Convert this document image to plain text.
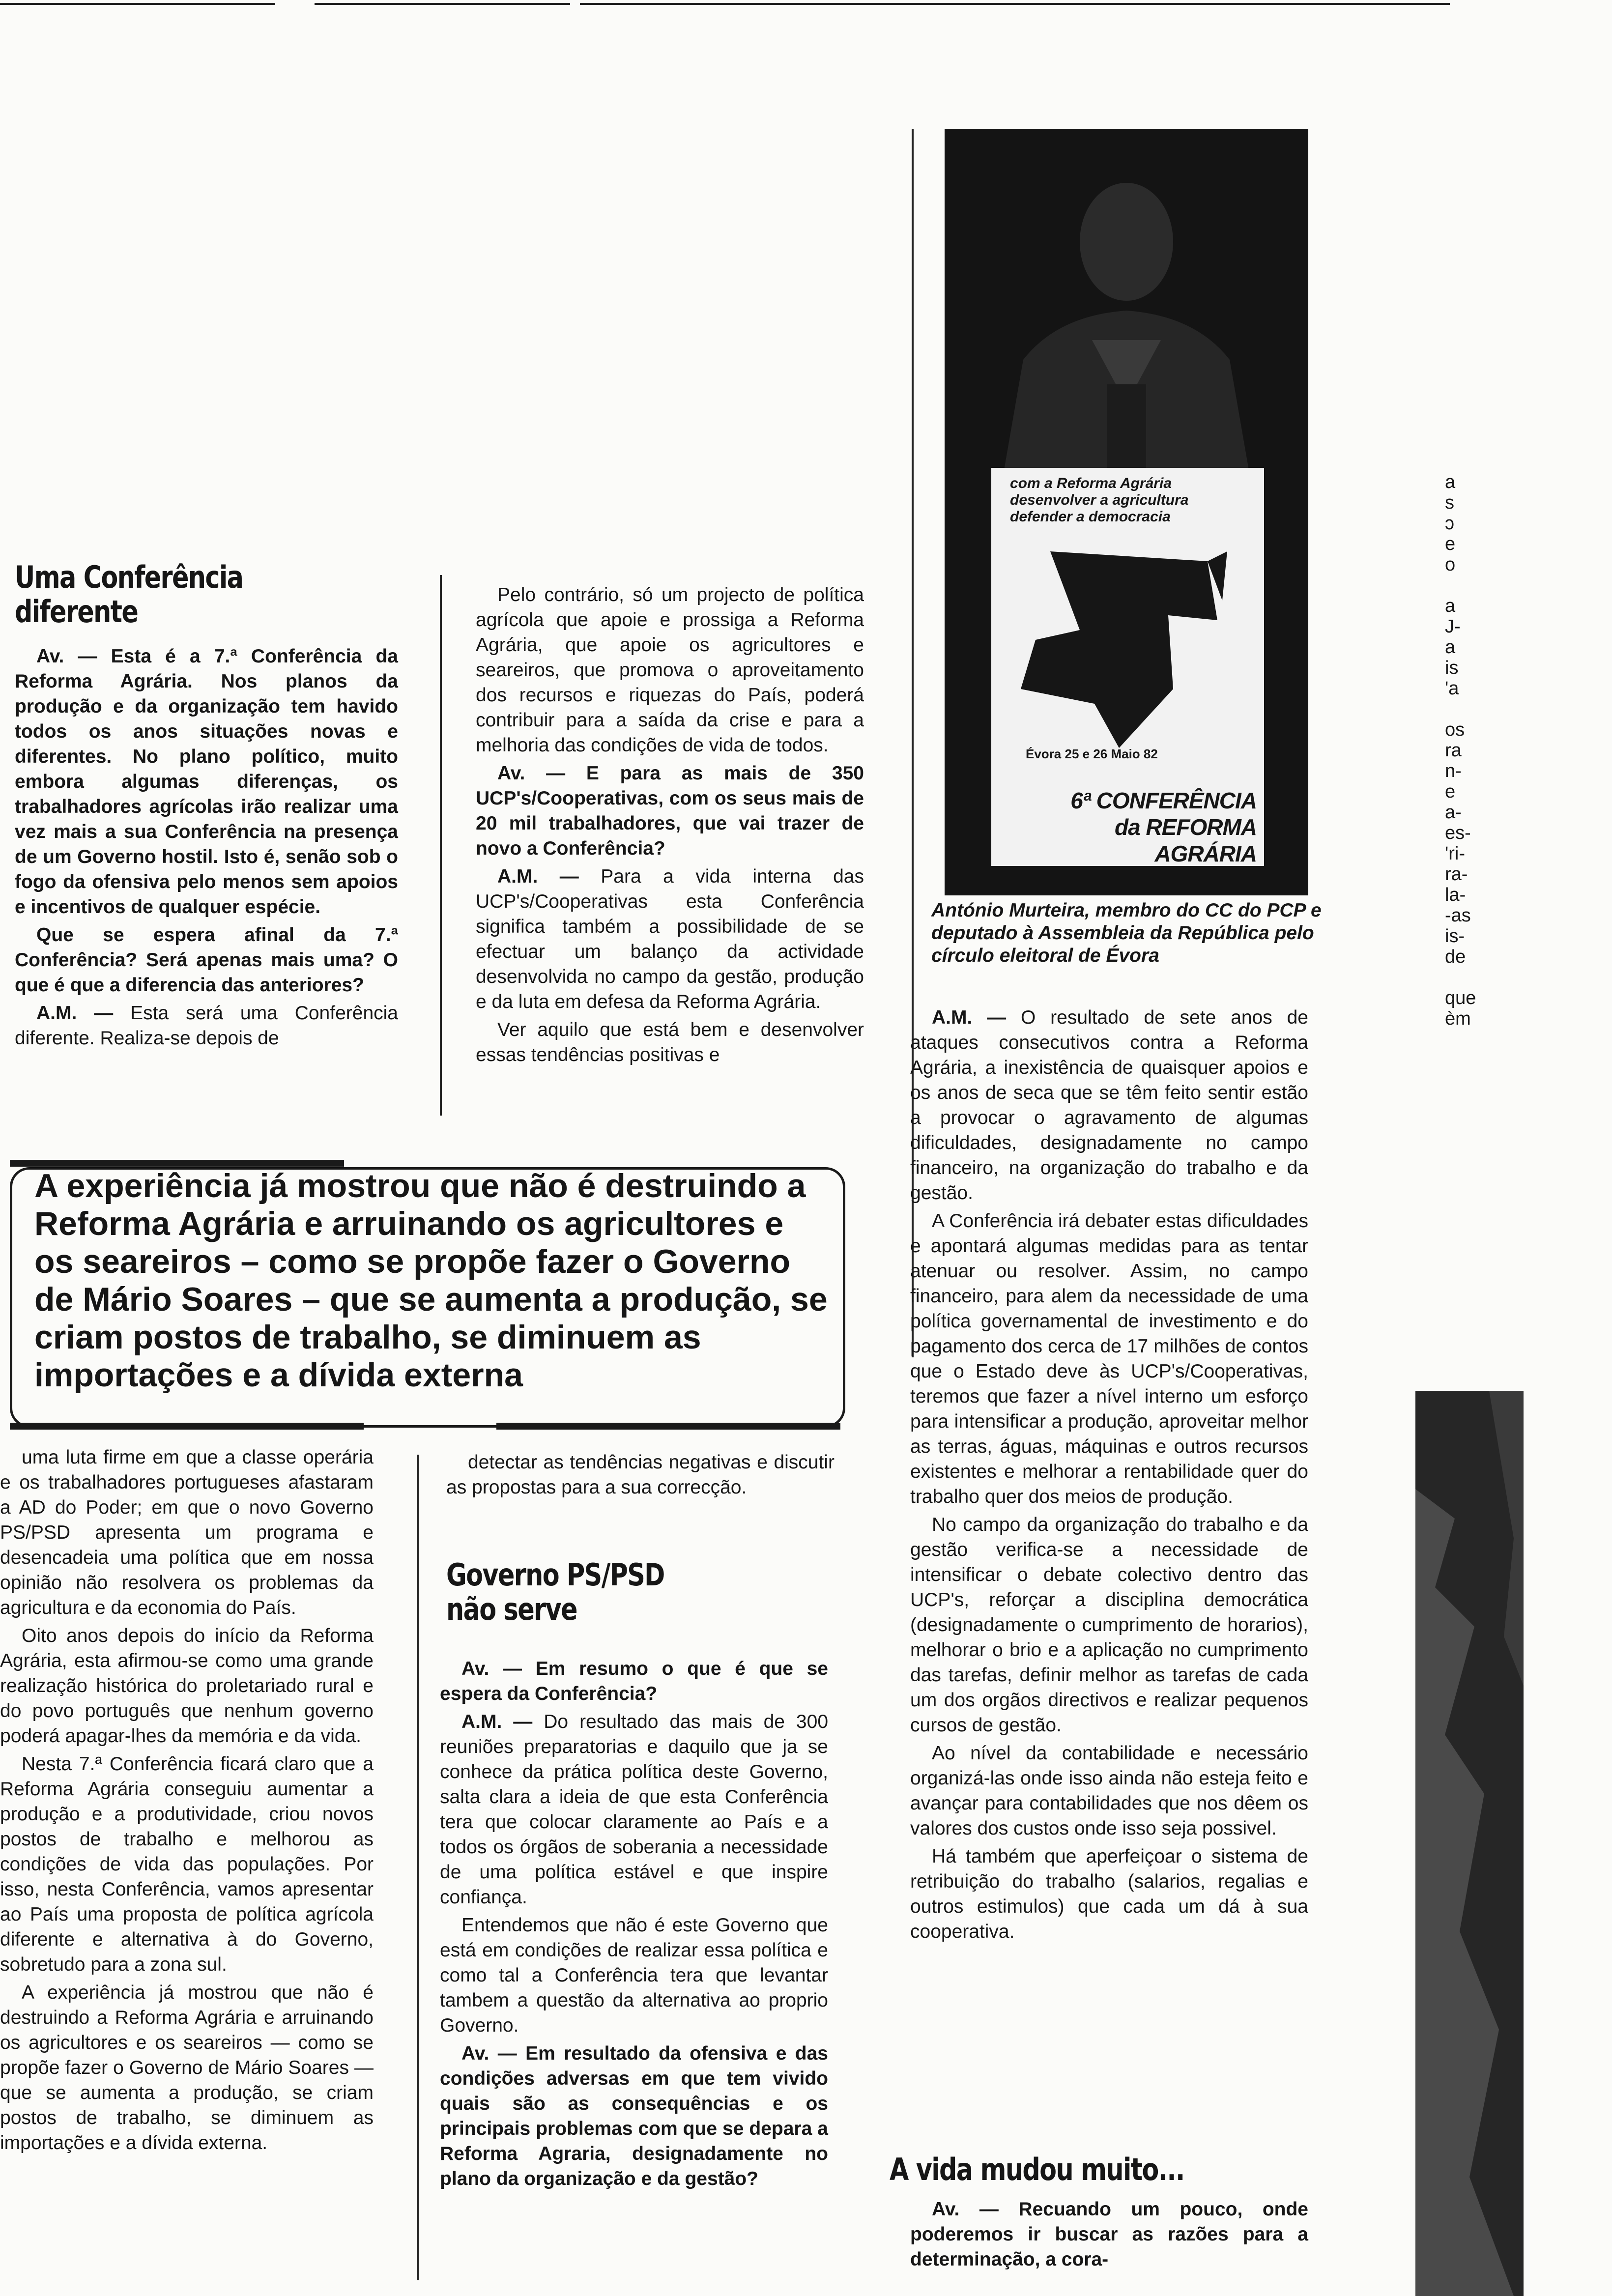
Uma Conferência
diferente

Av. — Esta é a 7.ª Conferência da Reforma Agrária. Nos planos da produção e da organização tem havido todos os anos situações novas e diferentes. No plano político, muito embora algumas diferenças, os trabalhadores agrícolas irão realizar uma vez mais a sua Conferência na presença de um Governo hostil. Isto é, senão sob o fogo da ofensiva pelo menos sem apoios e incentivos de qualquer espécie.

Que se espera afinal da 7.ª Conferência? Será apenas mais uma? O que é que a diferencia das anteriores?

A.M. — Esta será uma Conferência diferente. Realiza-se depois de

Pelo contrário, só um projecto de política agrícola que apoie e prossiga a Reforma Agrária, que apoie os agricultores e seareiros, que promova o aproveitamento dos recursos e riquezas do País, poderá contribuir para a saída da crise e para a melhoria das condições de vida de todos.

Av. — E para as mais de 350 UCP's/Cooperativas, com os seus mais de 20 mil trabalhadores, que vai trazer de novo a Conferência?

A.M. — Para a vida interna das UCP's/Cooperativas esta Conferência significa também a possibilidade de se efectuar um balanço da actividade desenvolvida no campo da gestão, produção e da luta em defesa da Reforma Agrária.

Ver aquilo que está bem e desenvolver essas tendências positivas e

A experiência já mostrou que não é destruindo a Reforma Agrária e arruinando os agricultores e os seareiros – como se propõe fazer o Governo de Mário Soares – que se aumenta a produção, se criam postos de trabalho, se diminuem as importações e a dívida externa

uma luta firme em que a classe operária e os trabalhadores portugueses afastaram a AD do Poder; em que o novo Governo PS/PSD apresenta um programa e desencadeia uma política que em nossa opinião não resolvera os problemas da agricultura e da economia do País.

Oito anos depois do início da Reforma Agrária, esta afirmou-se como uma grande realização histórica do proletariado rural e do povo português que nenhum governo poderá apagar-lhes da memória e da vida.

Nesta 7.ª Conferência ficará claro que a Reforma Agrária conseguiu aumentar a produção e a produtividade, criou novos postos de trabalho e melhorou as condições de vida das populações. Por isso, nesta Conferência, vamos apresentar ao País uma proposta de política agrícola diferente e alternativa à do Governo, sobretudo para a zona sul.

A experiência já mostrou que não é destruindo a Reforma Agrária e arruinando os agricultores e os seareiros — como se propõe fazer o Governo de Mário Soares — que se aumenta a produção, se criam postos de trabalho, se diminuem as importações e a dívida externa.

detectar as tendências negativas e discutir as propostas para a sua correcção.

Governo PS/PSD
não serve

Av. — Em resumo o que é que se espera da Conferência?

A.M. — Do resultado das mais de 300 reuniões preparatorias e daquilo que ja se conhece da prática política deste Governo, salta clara a ideia de que esta Conferência tera que colocar claramente ao País e a todos os órgãos de soberania a necessidade de uma política estável e que inspire confiança.

Entendemos que não é este Governo que está em condições de realizar essa política e como tal a Conferência tera que levantar tambem a questão da alternativa ao proprio Governo.

Av. — Em resultado da ofensiva e das condições adversas em que tem vivido quais são as consequências e os principais problemas com que se depara a Reforma Agraria, designadamente no plano da organização e da gestão?

com a Reforma Agrária desenvolver a agricultura defender a democracia
Évora 25 e 26 Maio 82
6ª CONFERÊNCIA
da REFORMA AGRÁRIA
António Murteira, membro do CC do PCP e deputado à Assembleia da República pelo círculo eleitoral de Évora

A.M. — O resultado de sete anos de ataques consecutivos contra a Reforma Agrária, a inexistência de quaisquer apoios e os anos de seca que se têm feito sentir estão a provocar o agravamento de algumas dificuldades, designadamente no campo financeiro, na organização do trabalho e da gestão.

A Conferência irá debater estas dificuldades e apontará algumas medidas para as tentar atenuar ou resolver. Assim, no campo financeiro, para alem da necessidade de uma política governamental de investimento e do pagamento dos cerca de 17 milhões de contos que o Estado deve às UCP's/Cooperativas, teremos que fazer a nível interno um esforço para intensificar a produção, aproveitar melhor as terras, águas, máquinas e outros recursos existentes e melhorar a rentabilidade quer do trabalho quer dos meios de produção.

No campo da organização do trabalho e da gestão verifica-se a necessidade de intensificar o debate colectivo dentro das UCP's, reforçar a disciplina democrática (designadamente o cumprimento de horarios), melhorar o brio e a aplicação no cumprimento das tarefas, definir melhor as tarefas de cada um dos orgãos directivos e realizar pequenos cursos de gestão.

Ao nível da contabilidade e necessário organizá-las onde isso ainda não esteja feito e avançar para contabilidades que nos dêem os valores dos custos onde isso seja possivel.

Há também que aperfeiçoar o sistema de retribuição do trabalho (salarios, regalias e outros estimulos) que cada um dá à sua cooperativa.

A vida mudou muito...

Av. — Recuando um pouco, onde poderemos ir buscar as razões para a determinação, a cora-

a
s
ɔ
e
o

a
J-
a
is
'a

os
ra
n-
e
a-
es-
'ri-
ra-
la-
-as
is-
de

que
èm
